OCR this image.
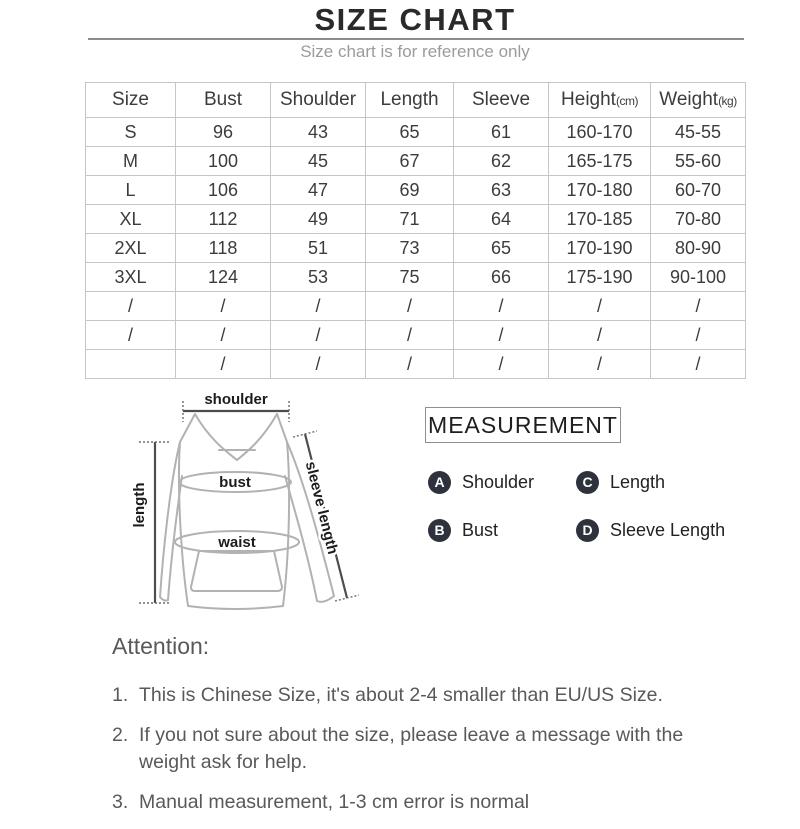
SIZE CHART
Size chart is for reference only
Size	Bust	Shoulder	Length	Sleeve	Height(cm)	Weight(kg)
S	96	43	65	61	160-170	45-55
M	100	45	67	62	165-175	55-60
L	106	47	69	63	170-180	60-70
XL	112	49	71	64	170-185	70-80
2XL	118	51	73	65	170-190	80-90
3XL	124	53	75	66	175-190	90-100
/	/	/	/	/	/	/
/	/	/	/	/	/	/
	/	/	/	/	/	/
shoulder
bust
waist
length	sleeve length
MEASUREMENT
A Shoulder	C Length
B Bust	D Sleeve Length
Attention:
1. This is Chinese Size, it's about 2-4 smaller than EU/US Size.
2. If you not sure about the size, please leave a message with the weight ask for help.
3. Manual measurement, 1-3 cm error is normal
